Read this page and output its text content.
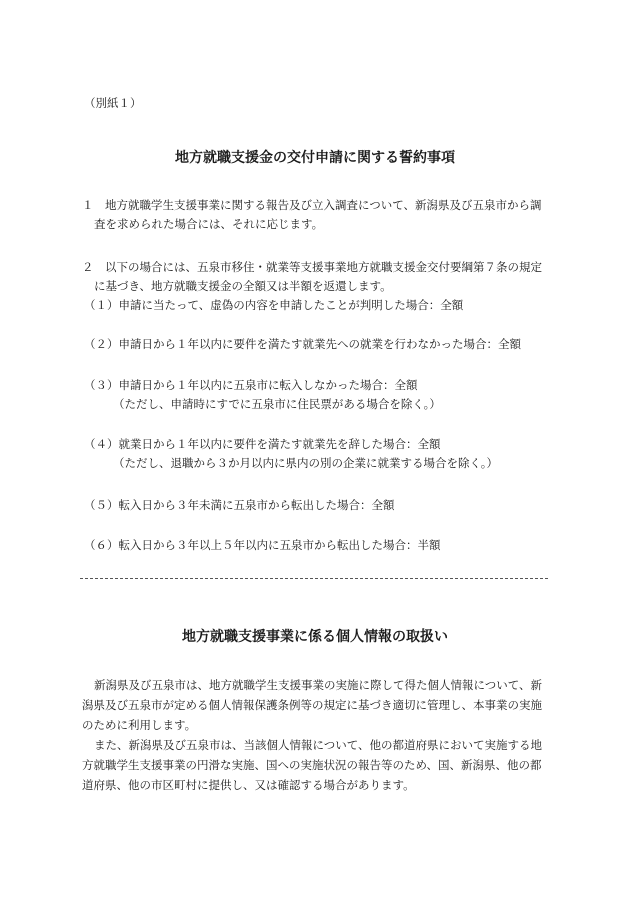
（別紙１）
地方就職支援金の交付申請に関する誓約事項
１　地方就職学生支援事業に関する報告及び立入調査について、新潟県及び五泉市から調
査を求められた場合には、それに応じます。
２　以下の場合には、五泉市移住・就業等支援事業地方就職支援金交付要綱第７条の規定
に基づき、地方就職支援金の全額又は半額を返還します。
（１）申請に当たって、虚偽の内容を申請したことが判明した場合：全額
（２）申請日から１年以内に要件を満たす就業先への就業を行わなかった場合：全額
（３）申請日から１年以内に五泉市に転入しなかった場合：全額
（ただし、申請時にすでに五泉市に住民票がある場合を除く。）
（４）就業日から１年以内に要件を満たす就業先を辞した場合：全額
（ただし、退職から３か月以内に県内の別の企業に就業する場合を除く。）
（５）転入日から３年未満に五泉市から転出した場合：全額
（６）転入日から３年以上５年以内に五泉市から転出した場合：半額
地方就職支援事業に係る個人情報の取扱い
新潟県及び五泉市は、地方就職学生支援事業の実施に際して得た個人情報について、新
潟県及び五泉市が定める個人情報保護条例等の規定に基づき適切に管理し、本事業の実施
のために利用します。
また、新潟県及び五泉市は、当該個人情報について、他の都道府県において実施する地
方就職学生支援事業の円滑な実施、国への実施状況の報告等のため、国、新潟県、他の都
道府県、他の市区町村に提供し、又は確認する場合があります。
